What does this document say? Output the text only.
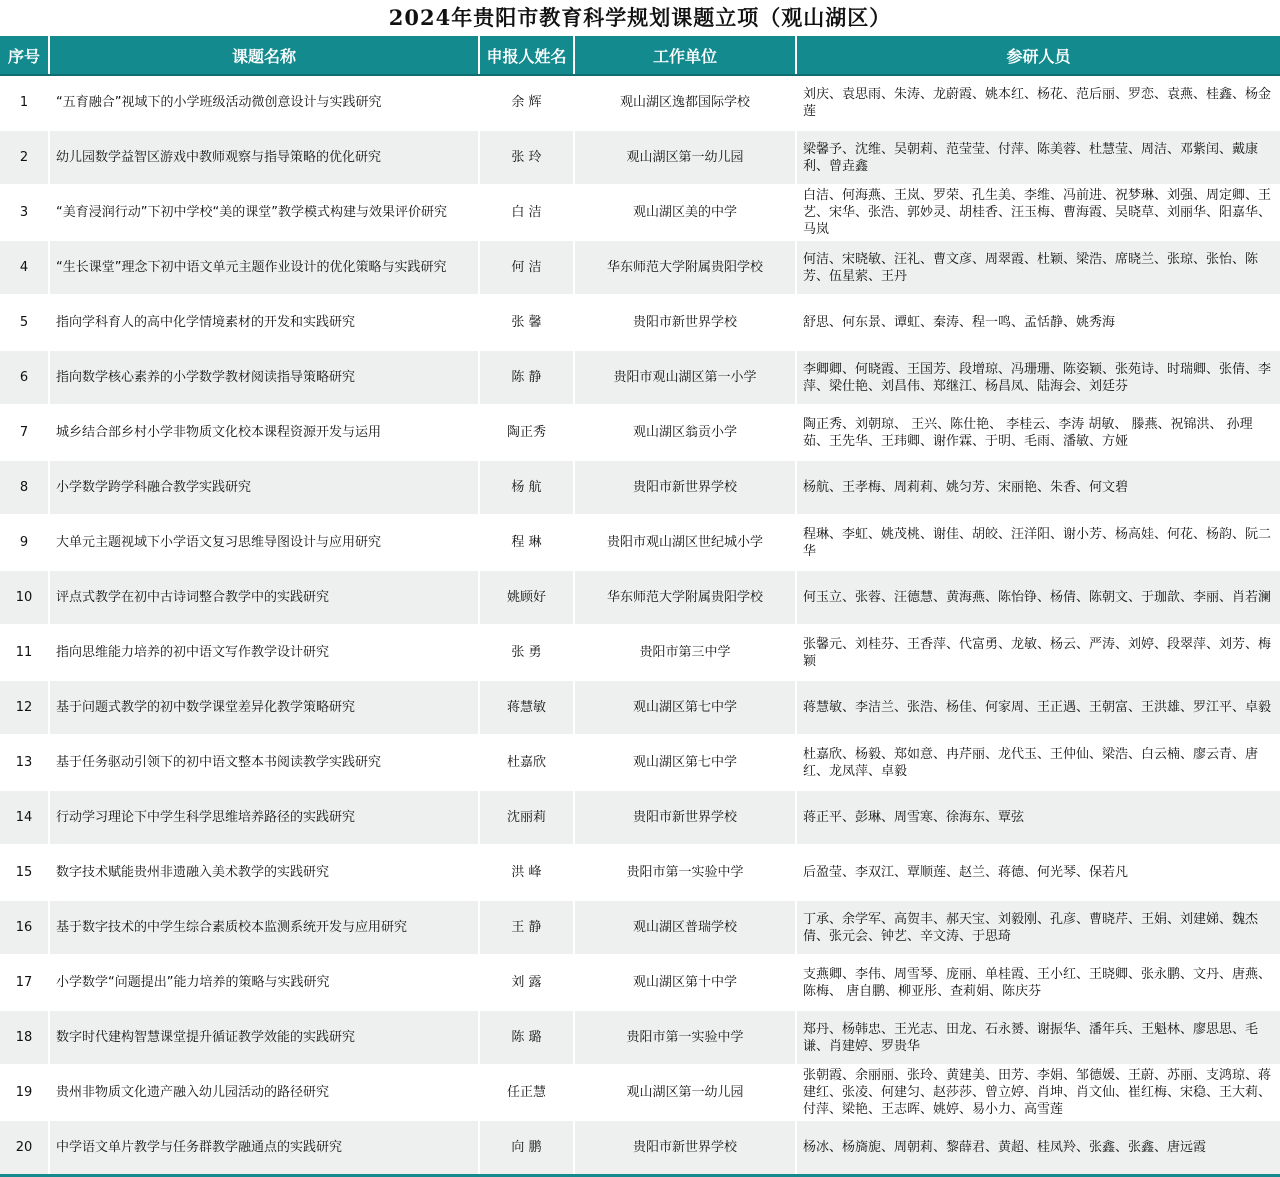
2024年贵阳市教育科学规划课题立项（观山湖区）
序号	课题名称	申报人姓名	工作单位	参研人员
1	“五育融合”视域下的小学班级活动微创意设计与实践研究	余 辉	观山湖区逸都国际学校	刘庆、袁思雨、朱涛、龙蔚霞、姚本红、杨花、范后丽、罗恋、袁燕、桂鑫、杨金莲
2	幼儿园数学益智区游戏中教师观察与指导策略的优化研究	张 玲	观山湖区第一幼儿园	梁馨予、沈维、吴朝莉、范莹莹、付萍、陈美蓉、杜慧莹、周洁、邓紫闰、戴康利、曾垚鑫
3	“美育浸润行动”下初中学校“美的课堂”教学模式构建与效果评价研究	白 洁	观山湖区美的中学	白洁、何海燕、王岚、罗荣、孔生美、李维、冯前进、祝梦琳、刘强、周定卿、王艺、宋华、张浩、郭妙灵、胡桂香、汪玉梅、曹海霞、吴晓草、刘丽华、阳嘉华、马岚
4	“生长课堂”理念下初中语文单元主题作业设计的优化策略与实践研究	何 洁	华东师范大学附属贵阳学校	何洁、宋晓敏、汪礼、曹文彦、周翠霞、杜颖、梁浩、席晓兰、张琼、张怡、陈芳、伍星萦、王丹
5	指向学科育人的高中化学情境素材的开发和实践研究	张 馨	贵阳市新世界学校	舒思、何东景、谭虹、秦涛、程一鸣、孟恬静、姚秀海
6	指向数学核心素养的小学数学教材阅读指导策略研究	陈 静	贵阳市观山湖区第一小学	李卿卿、何晓霞、王国芳、段增琼、冯珊珊、陈姿颖、张苑诗、时瑞卿、张倩、李萍、梁仕艳、刘昌伟、郑继江、杨昌凤、陆海会、刘廷芬
7	城乡结合部乡村小学非物质文化校本课程资源开发与运用	陶正秀	观山湖区翁贡小学	陶正秀、刘朝琼、 王兴、陈仕艳、 李桂云、李涛 胡敏、 滕燕、祝锦洪、 孙理茹、王先华、王玮卿、谢作霖、于明、毛雨、潘敏、方娅
8	小学数学跨学科融合教学实践研究	杨 航	贵阳市新世界学校	杨航、王孝梅、周莉莉、姚匀芳、宋丽艳、朱香、何文碧
9	大单元主题视域下小学语文复习思维导图设计与应用研究	程 琳	贵阳市观山湖区世纪城小学	程琳、李虹、姚茂桃、谢佳、胡皎、汪洋阳、谢小芳、杨高娃、何花、杨韵、阮二华
10	评点式教学在初中古诗词整合教学中的实践研究	姚顾好	华东师范大学附属贵阳学校	何玉立、张蓉、汪德慧、黄海燕、陈怡铮、杨倩、陈朝文、于珈歆、李丽、肖若澜
11	指向思维能力培养的初中语文写作教学设计研究	张 勇	贵阳市第三中学	张馨元、刘桂芬、王香萍、代富勇、龙敏、杨云、严涛、刘婷、段翠萍、刘芳、梅颖
12	基于问题式教学的初中数学课堂差异化教学策略研究	蒋慧敏	观山湖区第七中学	蒋慧敏、李洁兰、张浩、杨佳、何家周、王正遇、王朝富、王洪雄、罗江平、卓毅
13	基于任务驱动引领下的初中语文整本书阅读教学实践研究	杜嘉欣	观山湖区第七中学	杜嘉欣、杨毅、郑如意、冉芹丽、龙代玉、王仲仙、梁浩、白云楠、廖云青、唐红、龙凤萍、卓毅
14	行动学习理论下中学生科学思维培养路径的实践研究	沈丽莉	贵阳市新世界学校	蒋正平、彭琳、周雪寒、徐海东、覃弦
15	数字技术赋能贵州非遗融入美术教学的实践研究	洪 峰	贵阳市第一实验中学	后盈莹、李双江、覃顺莲、赵兰、蒋德、何光琴、保若凡
16	基于数字技术的中学生综合素质校本监测系统开发与应用研究	王 静	观山湖区普瑞学校	丁承、余学军、高贺丰、郝天宝、刘毅刚、孔彦、曹晓芹、王娟、刘建娣、魏杰倩、张元会、钟艺、辛文涛、于思琦
17	小学数学“问题提出”能力培养的策略与实践研究	刘 露	观山湖区第十中学	支燕卿、李伟、周雪琴、庞丽、单桂霞、王小红、王晓卿、张永鹏、文丹、唐燕、陈梅、 唐自鹏、柳亚彤、查莉娟、陈庆芬
18	数字时代建构智慧课堂提升循证教学效能的实践研究	陈 璐	贵阳市第一实验中学	郑丹、杨韩忠、王光志、田龙、石永赟、谢振华、潘年兵、王魁林、廖思思、毛谦、肖建婷、罗贵华
19	贵州非物质文化遗产融入幼儿园活动的路径研究	任正慧	观山湖区第一幼儿园	张朝霞、余丽丽、张玲、黄建美、田芳、李娟、邹德媛、王蔚、苏丽、支鸿琼、蒋建红、张凌、何建匀、赵莎莎、曾立婷、肖坤、肖文仙、崔红梅、宋稳、王大莉、付萍、梁艳、王志晖、姚婷、易小力、高雪莲
20	中学语文单片教学与任务群教学融通点的实践研究	向 鹏	贵阳市新世界学校	杨冰、杨旖旎、周朝莉、黎薛君、黄超、桂凤羚、张鑫、张鑫、唐远霞
